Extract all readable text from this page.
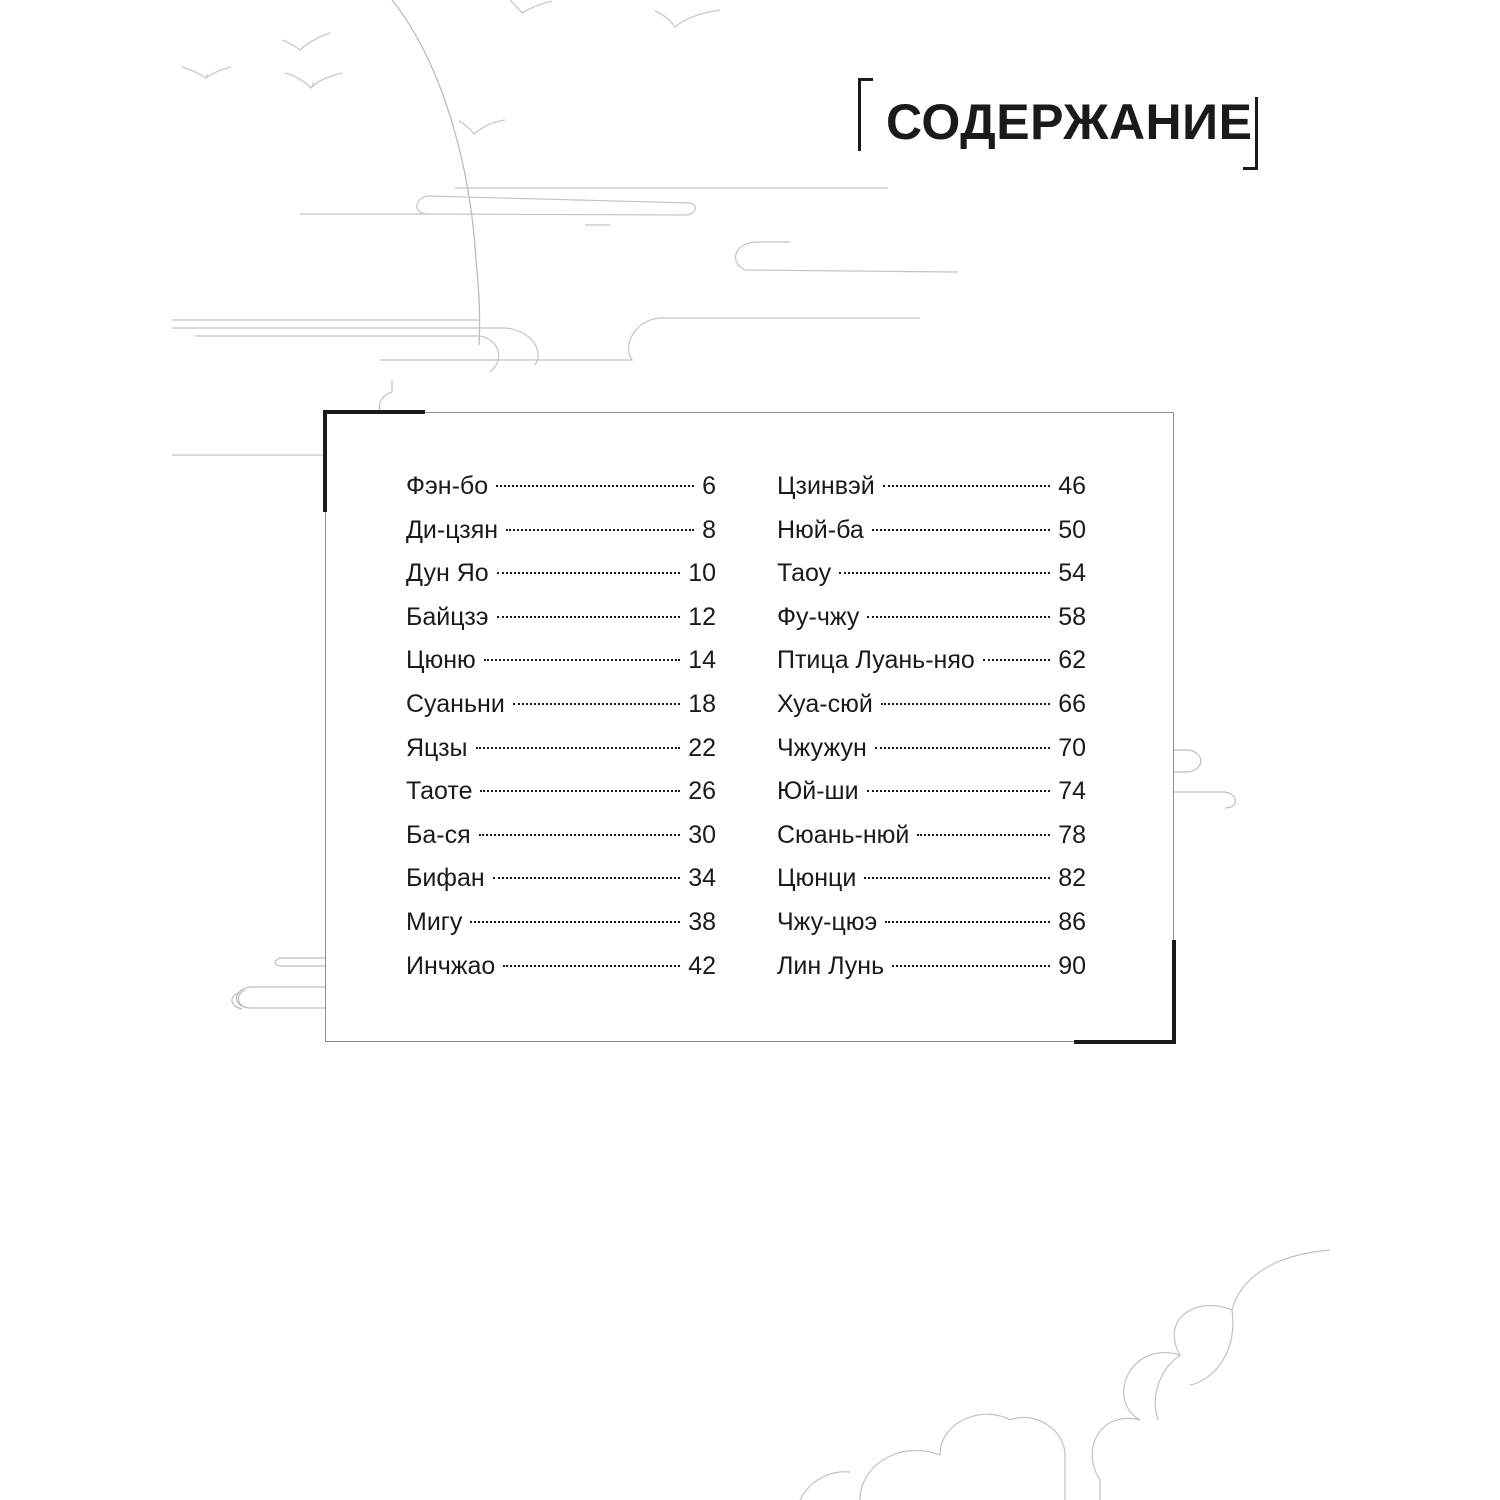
СОДЕРЖАНИЕ
Фэн-бо	6
Ди-цзян	8
Дун Яо	10
Байцзэ	12
Цюню	14
Суаньни	18
Яцзы	22
Таоте	26
Ба-ся	30
Бифан	34
Мигу	38
Инчжао	42
Цзинвэй	46
Нюй-ба	50
Таоу	54
Фу-чжу	58
Птица Луань-няо	62
Хуа-сюй	66
Чжужун	70
Юй-ши	74
Сюань-нюй	78
Цюнци	82
Чжу-цюэ	86
Лин Лунь	90
